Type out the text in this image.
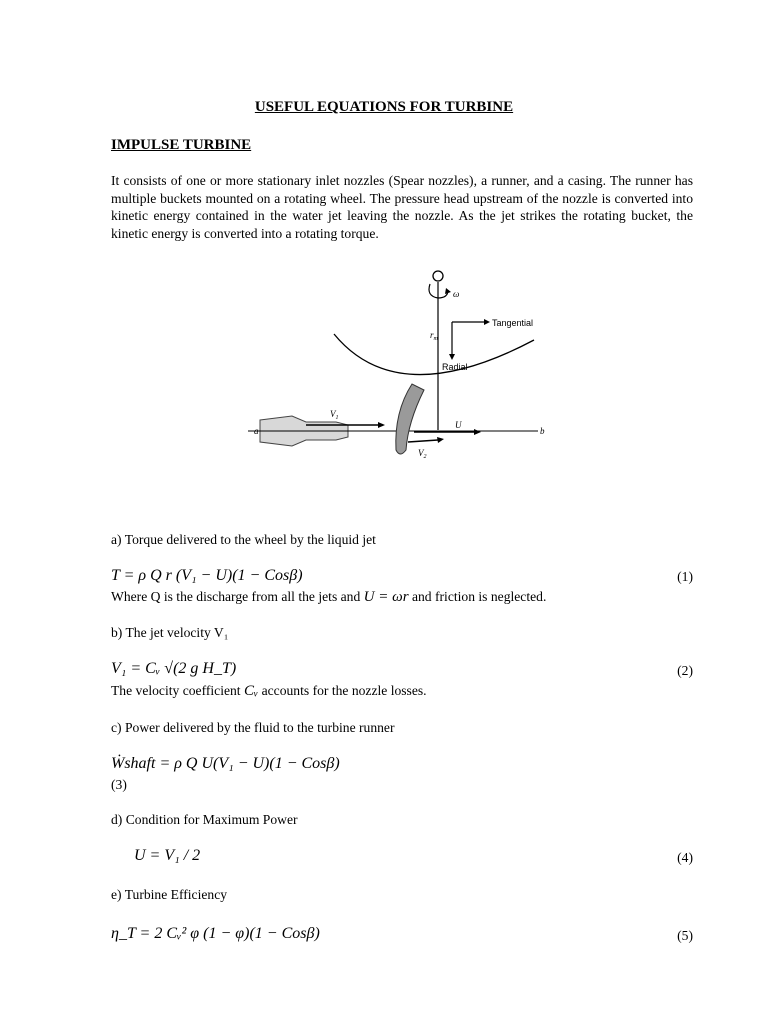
USEFUL EQUATIONS FOR TURBINE
IMPULSE TURBINE
It consists of one or more stationary inlet nozzles (Spear nozzles), a runner, and a casing. The runner has multiple buckets mounted on a rotating wheel. The pressure head upstream of the nozzle is converted into kinetic energy contained in the water jet leaving the nozzle. As the jet strikes the rotating bucket, the kinetic energy is converted into a rotating torque.
ω
$r_m$
Tangential
Radial
a	b
$V_1$
U
$V_2$
a) Torque delivered to the wheel by the liquid jet
T = ρ Q r (V₁ − U)(1 − Cosβ)	(1)
Where Q is the discharge from all the jets and U = ωr and friction is neglected.
b) The jet velocity V₁
V₁ = Cᵥ √(2 g H_T)	(2)
The velocity coefficient Cᵥ accounts for the nozzle losses.
c) Power delivered by the fluid to the turbine runner
Ẇshaft = ρ Q U(V₁ − U)(1 − Cosβ)
(3)
d) Condition for Maximum Power
U = V₁ / 2	(4)
e) Turbine Efficiency
η_T = 2 Cᵥ² φ (1 − φ)(1 − Cosβ)	(5)
